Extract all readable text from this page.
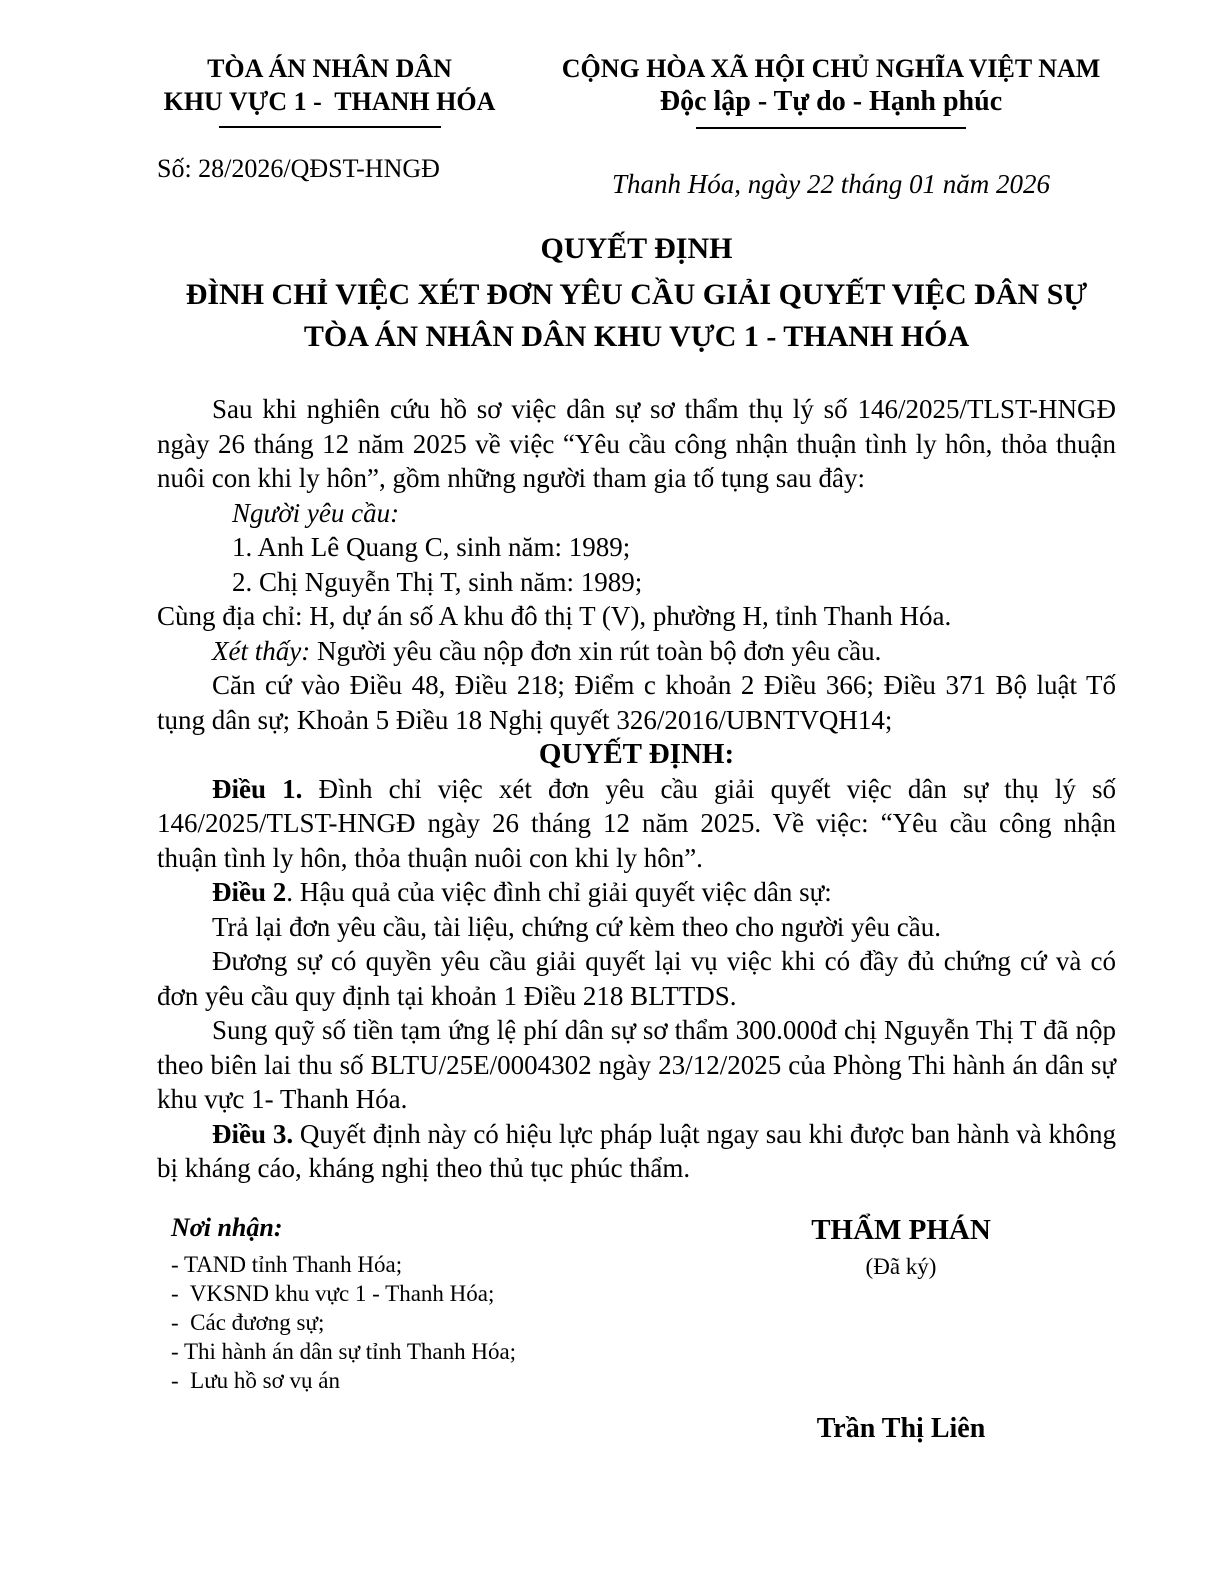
TÒA ÁN NHÂN DÂN
KHU VỰC 1 -  THANH HÓA
Số: 28/2026/QĐST-HNGĐ
CỘNG HÒA XÃ HỘI CHỦ NGHĨA VIỆT NAM
Độc lập - Tự do - Hạnh phúc
Thanh Hóa, ngày 22 tháng 01 năm 2026
QUYẾT ĐỊNH
ĐÌNH CHỈ VIỆC XÉT ĐƠN YÊU CẦU GIẢI QUYẾT VIỆC DÂN SỰ
TÒA ÁN NHÂN DÂN KHU VỰC 1 - THANH HÓA

Sau khi nghiên cứu hồ sơ việc dân sự sơ thẩm thụ lý số 146/2025/TLST-HNGĐ ngày 26 tháng 12 năm 2025 về việc “Yêu cầu công nhận thuận tình ly hôn, thỏa thuận nuôi con khi ly hôn”, gồm những người tham gia tố tụng sau đây:

Người yêu cầu:

1. Anh Lê Quang C, sinh năm: 1989;

2. Chị Nguyễn Thị T, sinh năm: 1989;

Cùng địa chỉ: H, dự án số A khu đô thị T (V), phường H, tỉnh Thanh Hóa.

Xét thấy: Người yêu cầu nộp đơn xin rút toàn bộ đơn yêu cầu.

Căn cứ vào Điều 48, Điều 218; Điểm c khoản 2 Điều 366; Điều 371 Bộ luật Tố tụng dân sự; Khoản 5 Điều 18 Nghị quyết 326/2016/UBNTVQH14;

QUYẾT ĐỊNH:

Điều 1. Đình chỉ việc xét đơn yêu cầu giải quyết việc dân sự thụ lý số 146/2025/TLST-HNGĐ ngày 26 tháng 12 năm 2025. Về việc: “Yêu cầu công nhận thuận tình ly hôn, thỏa thuận nuôi con khi ly hôn”.

Điều 2. Hậu quả của việc đình chỉ giải quyết việc dân sự:

Trả lại đơn yêu cầu, tài liệu, chứng cứ kèm theo cho người yêu cầu.

Đương sự có quyền yêu cầu giải quyết lại vụ việc khi có đầy đủ chứng cứ và có đơn yêu cầu quy định tại khoản 1 Điều 218 BLTTDS.

Sung quỹ số tiền tạm ứng lệ phí dân sự sơ thẩm 300.000đ chị Nguyễn Thị T đã nộp theo biên lai thu số BLTU/25E/0004302 ngày 23/12/2025 của Phòng Thi hành án dân sự khu vực 1- Thanh Hóa.

Điều 3. Quyết định này có hiệu lực pháp luật ngay sau khi được ban hành và không bị kháng cáo, kháng nghị theo thủ tục phúc thẩm.

Nơi nhận:
- TAND tỉnh Thanh Hóa;
-  VKSND khu vực 1 - Thanh Hóa;
-  Các đương sự;
- Thi hành án dân sự tỉnh Thanh Hóa;
-  Lưu hồ sơ vụ án
THẨM PHÁN
(Đã ký)
Trần Thị Liên
